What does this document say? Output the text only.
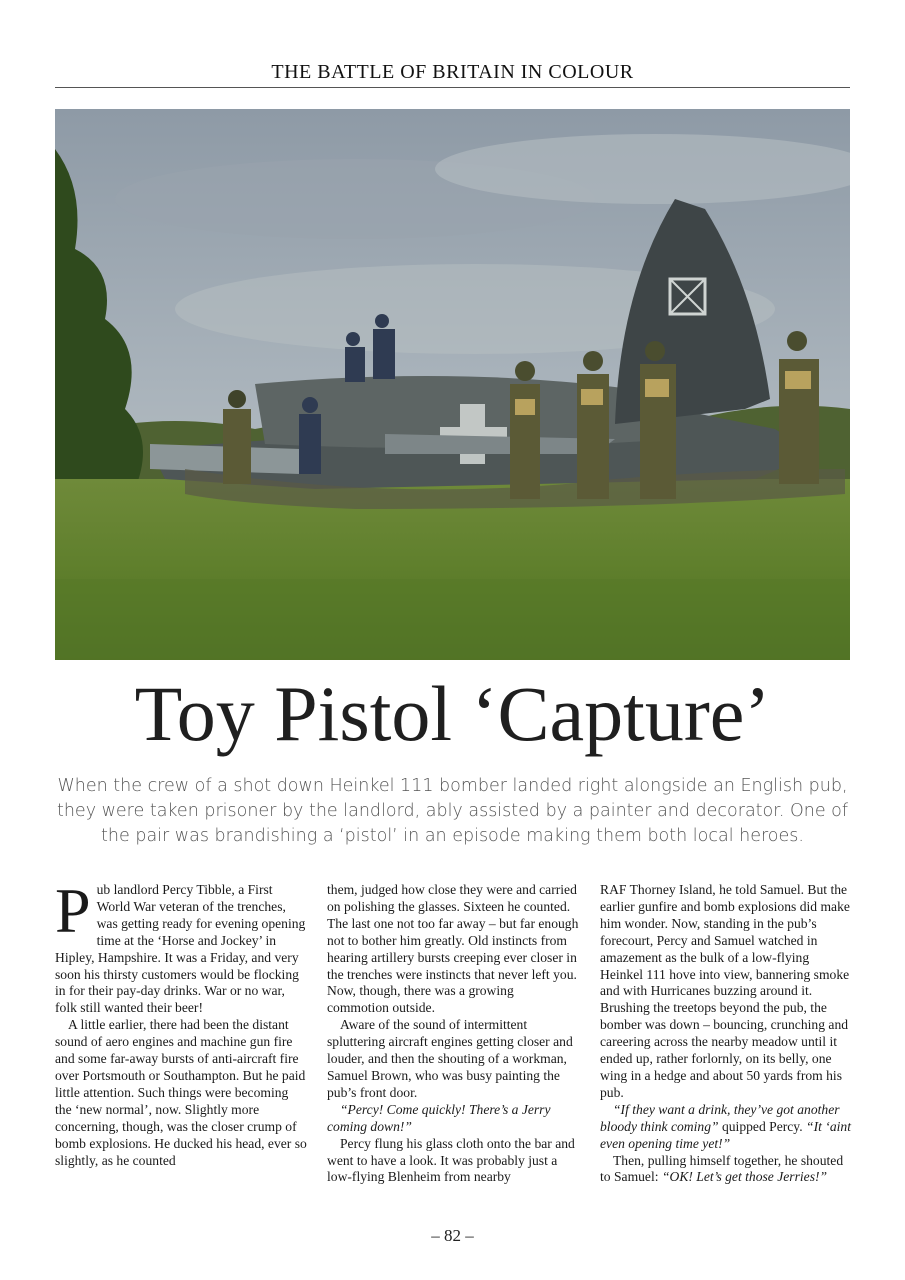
THE BATTLE OF BRITAIN IN COLOUR
Toy Pistol ‘Capture’

When the crew of a shot down Heinkel 111 bomber landed right alongside an English pub, they were taken prisoner by the landlord, ably assisted by a painter and decorator. One of the pair was brandishing a ‘pistol’ in an episode making them both local heroes.

Pub landlord Percy Tibble, a First World War veteran of the trenches, was getting ready for evening opening time at the ‘Horse and Jockey’ in Hipley, Hampshire. It was a Friday, and very soon his thirsty customers would be flocking in for their pay-day drinks. War or no war, folk still wanted their beer!

A little earlier, there had been the distant sound of aero engines and machine gun fire and some far-away bursts of anti-aircraft fire over Portsmouth or Southampton. But he paid little attention. Such things were becoming the ‘new normal’, now. Slightly more concerning, though, was the closer crump of bomb explosions. He ducked his head, ever so slightly, as he counted

them, judged how close they were and carried on polishing the glasses. Sixteen he counted. The last one not too far away – but far enough not to bother him greatly. Old instincts from hearing artillery bursts creeping ever closer in the trenches were instincts that never left you. Now, though, there was a growing commotion outside.

Aware of the sound of intermittent spluttering aircraft engines getting closer and louder, and then the shouting of a workman, Samuel Brown, who was busy painting the pub’s front door.

“Percy! Come quickly! There’s a Jerry coming down!”

Percy flung his glass cloth onto the bar and went to have a look. It was probably just a low-flying Blenheim from nearby

RAF Thorney Island, he told Samuel. But the earlier gunfire and bomb explosions did make him wonder. Now, standing in the pub’s forecourt, Percy and Samuel watched in amazement as the bulk of a low-flying Heinkel 111 hove into view, bannering smoke and with Hurricanes buzzing around it. Brushing the treetops beyond the pub, the bomber was down – bouncing, crunching and careering across the nearby meadow until it ended up, rather forlornly, on its belly, one wing in a hedge and about 50 yards from his pub.

“If they want a drink, they’ve got another bloody think coming” quipped Percy. “It ‘aint even opening time yet!”

Then, pulling himself together, he shouted to Samuel: “OK! Let’s get those Jerries!”

– 82 –
